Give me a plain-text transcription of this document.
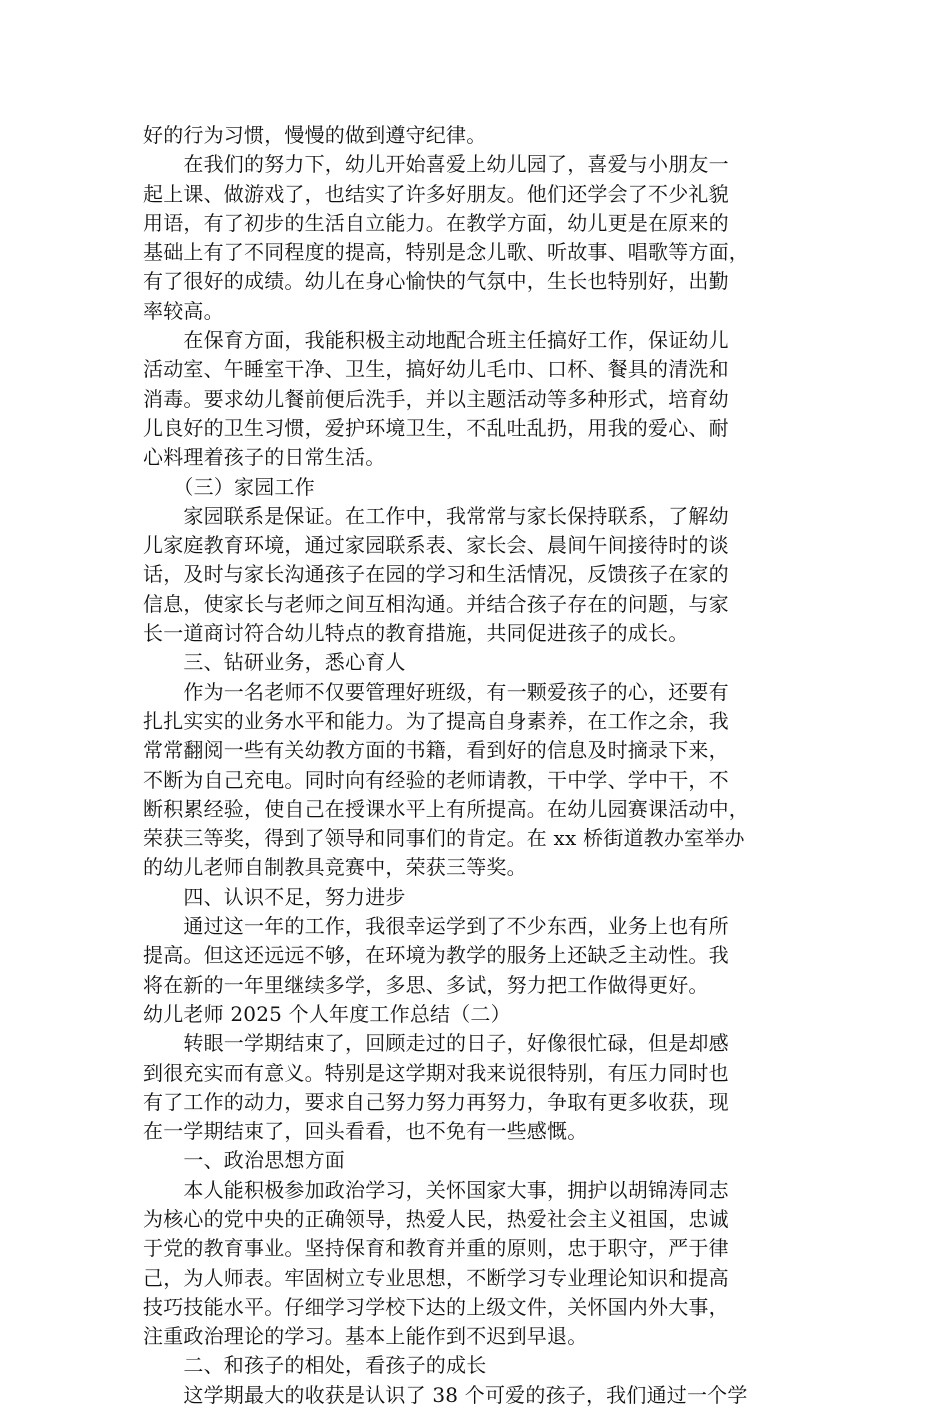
好的行为习惯，慢慢的做到遵守纪律。
　　在我们的努力下，幼儿开始喜爱上幼儿园了，喜爱与小朋友一
起上课、做游戏了，也结实了许多好朋友。他们还学会了不少礼貌
用语，有了初步的生活自立能力。在教学方面，幼儿更是在原来的
基础上有了不同程度的提高，特别是念儿歌、听故事、唱歌等方面，
有了很好的成绩。幼儿在身心愉快的气氛中，生长也特别好，出勤
率较高。
　　在保育方面，我能积极主动地配合班主任搞好工作，保证幼儿
活动室、午睡室干净、卫生，搞好幼儿毛巾、口杯、餐具的清洗和
消毒。要求幼儿餐前便后洗手，并以主题活动等多种形式，培育幼
儿良好的卫生习惯，爱护环境卫生，不乱吐乱扔，用我的爱心、耐
心料理着孩子的日常生活。
　　（三）家园工作
　　家园联系是保证。在工作中，我常常与家长保持联系，了解幼
儿家庭教育环境，通过家园联系表、家长会、晨间午间接待时的谈
话，及时与家长沟通孩子在园的学习和生活情况，反馈孩子在家的
信息，使家长与老师之间互相沟通。并结合孩子存在的问题，与家
长一道商讨符合幼儿特点的教育措施，共同促进孩子的成长。
　　三、钻研业务，悉心育人
　　作为一名老师不仅要管理好班级，有一颗爱孩子的心，还要有
扎扎实实的业务水平和能力。为了提高自身素养，在工作之余，我
常常翻阅一些有关幼教方面的书籍，看到好的信息及时摘录下来，
不断为自己充电。同时向有经验的老师请教，干中学、学中干，不
断积累经验，使自己在授课水平上有所提高。在幼儿园赛课活动中，
荣获三等奖，得到了领导和同事们的肯定。在 xx 桥街道教办室举办
的幼儿老师自制教具竞赛中，荣获三等奖。
　　四、认识不足，努力进步
　　通过这一年的工作，我很幸运学到了不少东西，业务上也有所
提高。但这还远远不够，在环境为教学的服务上还缺乏主动性。我
将在新的一年里继续多学，多思、多试，努力把工作做得更好。
幼儿老师 2025 个人年度工作总结（二）
　　转眼一学期结束了，回顾走过的日子，好像很忙碌，但是却感
到很充实而有意义。特别是这学期对我来说很特别，有压力同时也
有了工作的动力，要求自己努力努力再努力，争取有更多收获，现
在一学期结束了，回头看看，也不免有一些感慨。
　　一、政治思想方面
　　本人能积极参加政治学习，关怀国家大事，拥护以胡锦涛同志
为核心的党中央的正确领导，热爱人民，热爱社会主义祖国，忠诚
于党的教育事业。坚持保育和教育并重的原则，忠于职守，严于律
己，为人师表。牢固树立专业思想，不断学习专业理论知识和提高
技巧技能水平。仔细学习学校下达的上级文件，关怀国内外大事，
注重政治理论的学习。基本上能作到不迟到早退。
　　二、和孩子的相处，看孩子的成长
　　这学期最大的收获是认识了 38 个可爱的孩子，我们通过一个学
